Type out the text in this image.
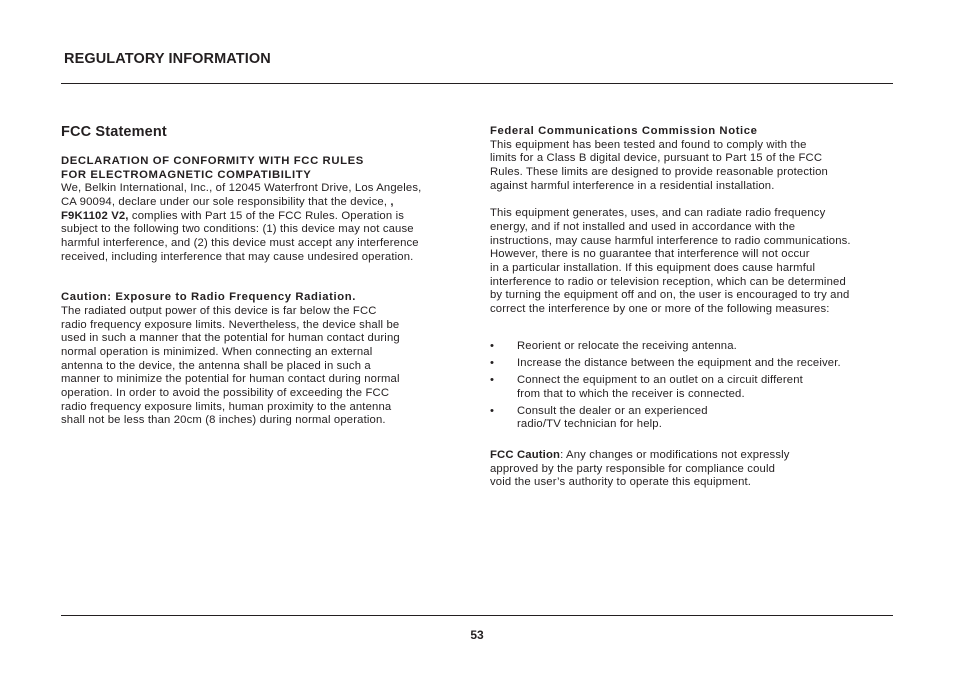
REGULATORY INFORMATION
FCC Statement

DECLARATION OF CONFORMITY WITH FCC RULES
FOR ELECTROMAGNETIC COMPATIBILITY

We, Belkin International, Inc., of 12045 Waterfront Drive, Los Angeles,
CA 90094, declare under our sole responsibility that the device, ,
F9K1102 V2, complies with Part 15 of the FCC Rules. Operation is
subject to the following two conditions: (1) this device may not cause
harmful interference, and (2) this device must accept any interference
received, including interference that may cause undesired operation.

Caution: Exposure to Radio Frequency Radiation.

The radiated output power of this device is far below the FCC
radio frequency exposure limits. Nevertheless, the device shall be
used in such a manner that the potential for human contact during
normal operation is minimized. When connecting an external
antenna to the device, the antenna shall be placed in such a
manner to minimize the potential for human contact during normal
operation. In order to avoid the possibility of exceeding the FCC
radio frequency exposure limits, human proximity to the antenna
shall not be less than 20cm (8 inches) during normal operation.

Federal Communications Commission Notice

This equipment has been tested and found to comply with the
limits for a Class B digital device, pursuant to Part 15 of the FCC
Rules. These limits are designed to provide reasonable protection
against harmful interference in a residential installation.

This equipment generates, uses, and can radiate radio frequency
energy, and if not installed and used in accordance with the
instructions, may cause harmful interference to radio communications.
However, there is no guarantee that interference will not occur
in a particular installation. If this equipment does cause harmful
interference to radio or television reception, which can be determined
by turning the equipment off and on, the user is encouraged to try and
correct the interference by one or more of the following measures:

• Reorient or relocate the receiving antenna.
• Increase the distance between the equipment and the receiver.
• Connect the equipment to an outlet on a circuit different
from that to which the receiver is connected.
• Consult the dealer or an experienced
radio/TV technician for help.

FCC Caution: Any changes or modifications not expressly
approved by the party responsible for compliance could
void the user’s authority to operate this equipment.

53
